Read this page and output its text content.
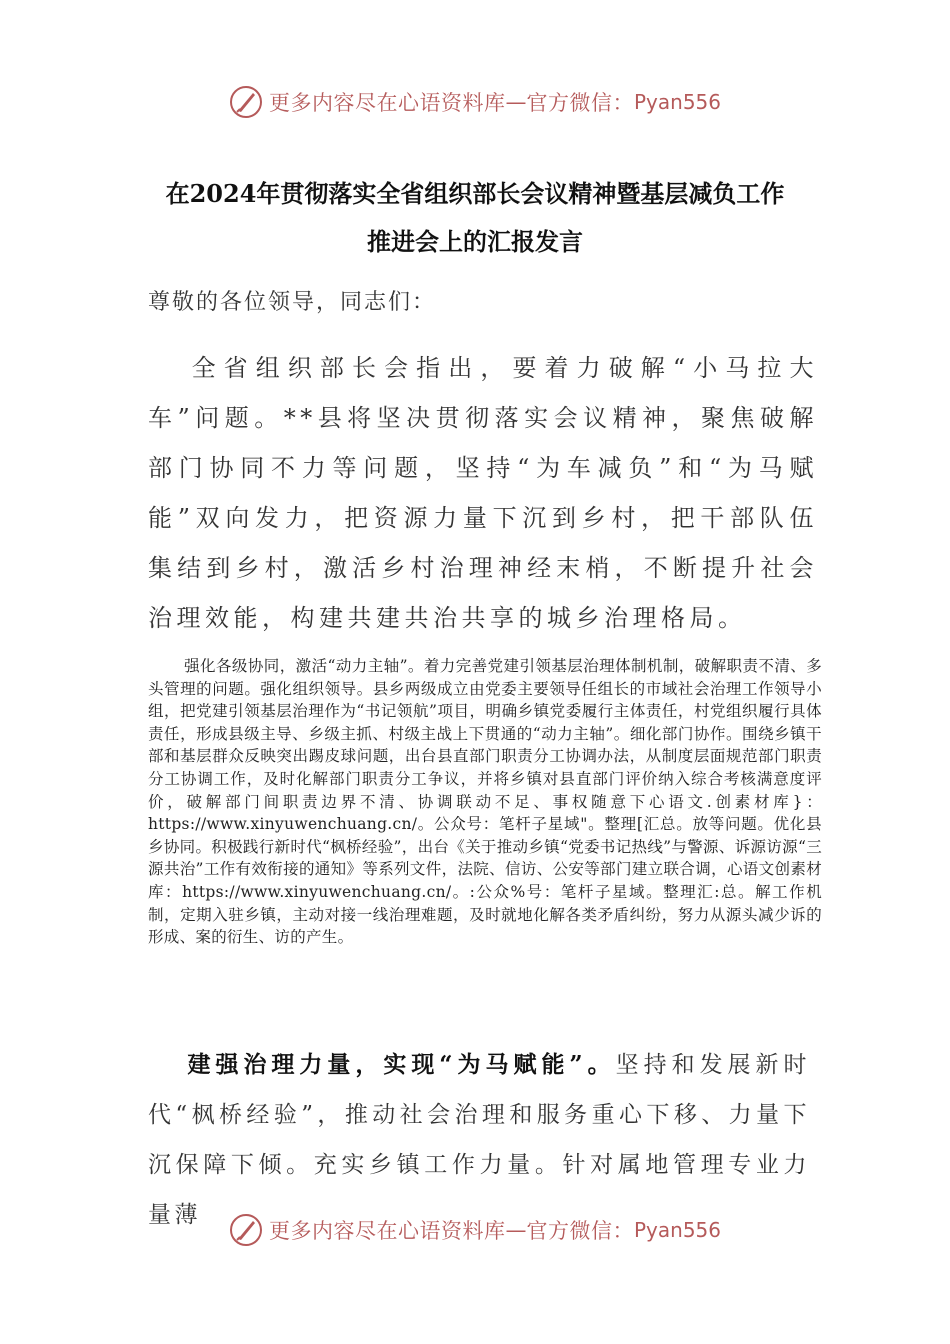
更多内容尽在心语资料库 — 官方微信： Pyan556
在2024年贯彻落实全省组织部长会议精神暨基层减负工作
推进会上的汇报发言
尊敬的各位领导，同志们：
全省组织部长会指出，要着力破解“小马拉大车”问题。**县将坚决贯彻落实会议精神，聚焦破解部门协同不力等问题，坚持“为车减负”和“为马赋能”双向发力，把资源力量下沉到乡村，把干部队伍集结到乡村，激活乡村治理神经末梢，不断提升社会治理效能，构建共建共治共享的城乡治理格局。
强化各级协同，激活“动力主轴”。着力完善党建引领基层治理体制机制，破解职责不清、多头管理的问题。强化组织领导。县乡两级成立由党委主要领导任组长的市域社会治理工作领导小组，把党建引领基层治理作为“书记领航”项目，明确乡镇党委履行主体责任，村党组织履行具体责任，形成县级主导、乡级主抓、村级主战上下贯通的“动力主轴”。细化部门协作。围绕乡镇干部和基层群众反映突出踢皮球问题，出台县直部门职责分工协调办法，从制度层面规范部门职责分工协调工作，及时化解部门职责分工争议，并将乡镇对县直部门评价纳入综合考核满意度评价，破解部门间职责边界不清、协调联动不足、事权随意下心语文.创素材库}：https://www.xinyuwenchuang.cn/。公众号：笔杆子星域"。整理[汇总。放等问题。优化县乡协同。积极践行新时代“枫桥经验”，出台《关于推动乡镇“党委书记热线”与警源、诉源访源“三源共治”工作有效衔接的通知》等系列文件，法院、信访、公安等部门建立联合调，心语文创素材库：https://www.xinyuwenchuang.cn/。:公众%号：笔杆子星域。整理汇:总。解工作机制，定期入驻乡镇，主动对接一线治理难题，及时就地化解各类矛盾纠纷，努力从源头减少诉的形成、案的衍生、访的产生。
建强治理力量，实现“为马赋能”。坚持和发展新时代“枫桥经验”，推动社会治理和服务重心下移、力量下沉保障下倾。充实乡镇工作力量。针对属地管理专业力量薄
更多内容尽在心语资料库 — 官方微信： Pyan556
